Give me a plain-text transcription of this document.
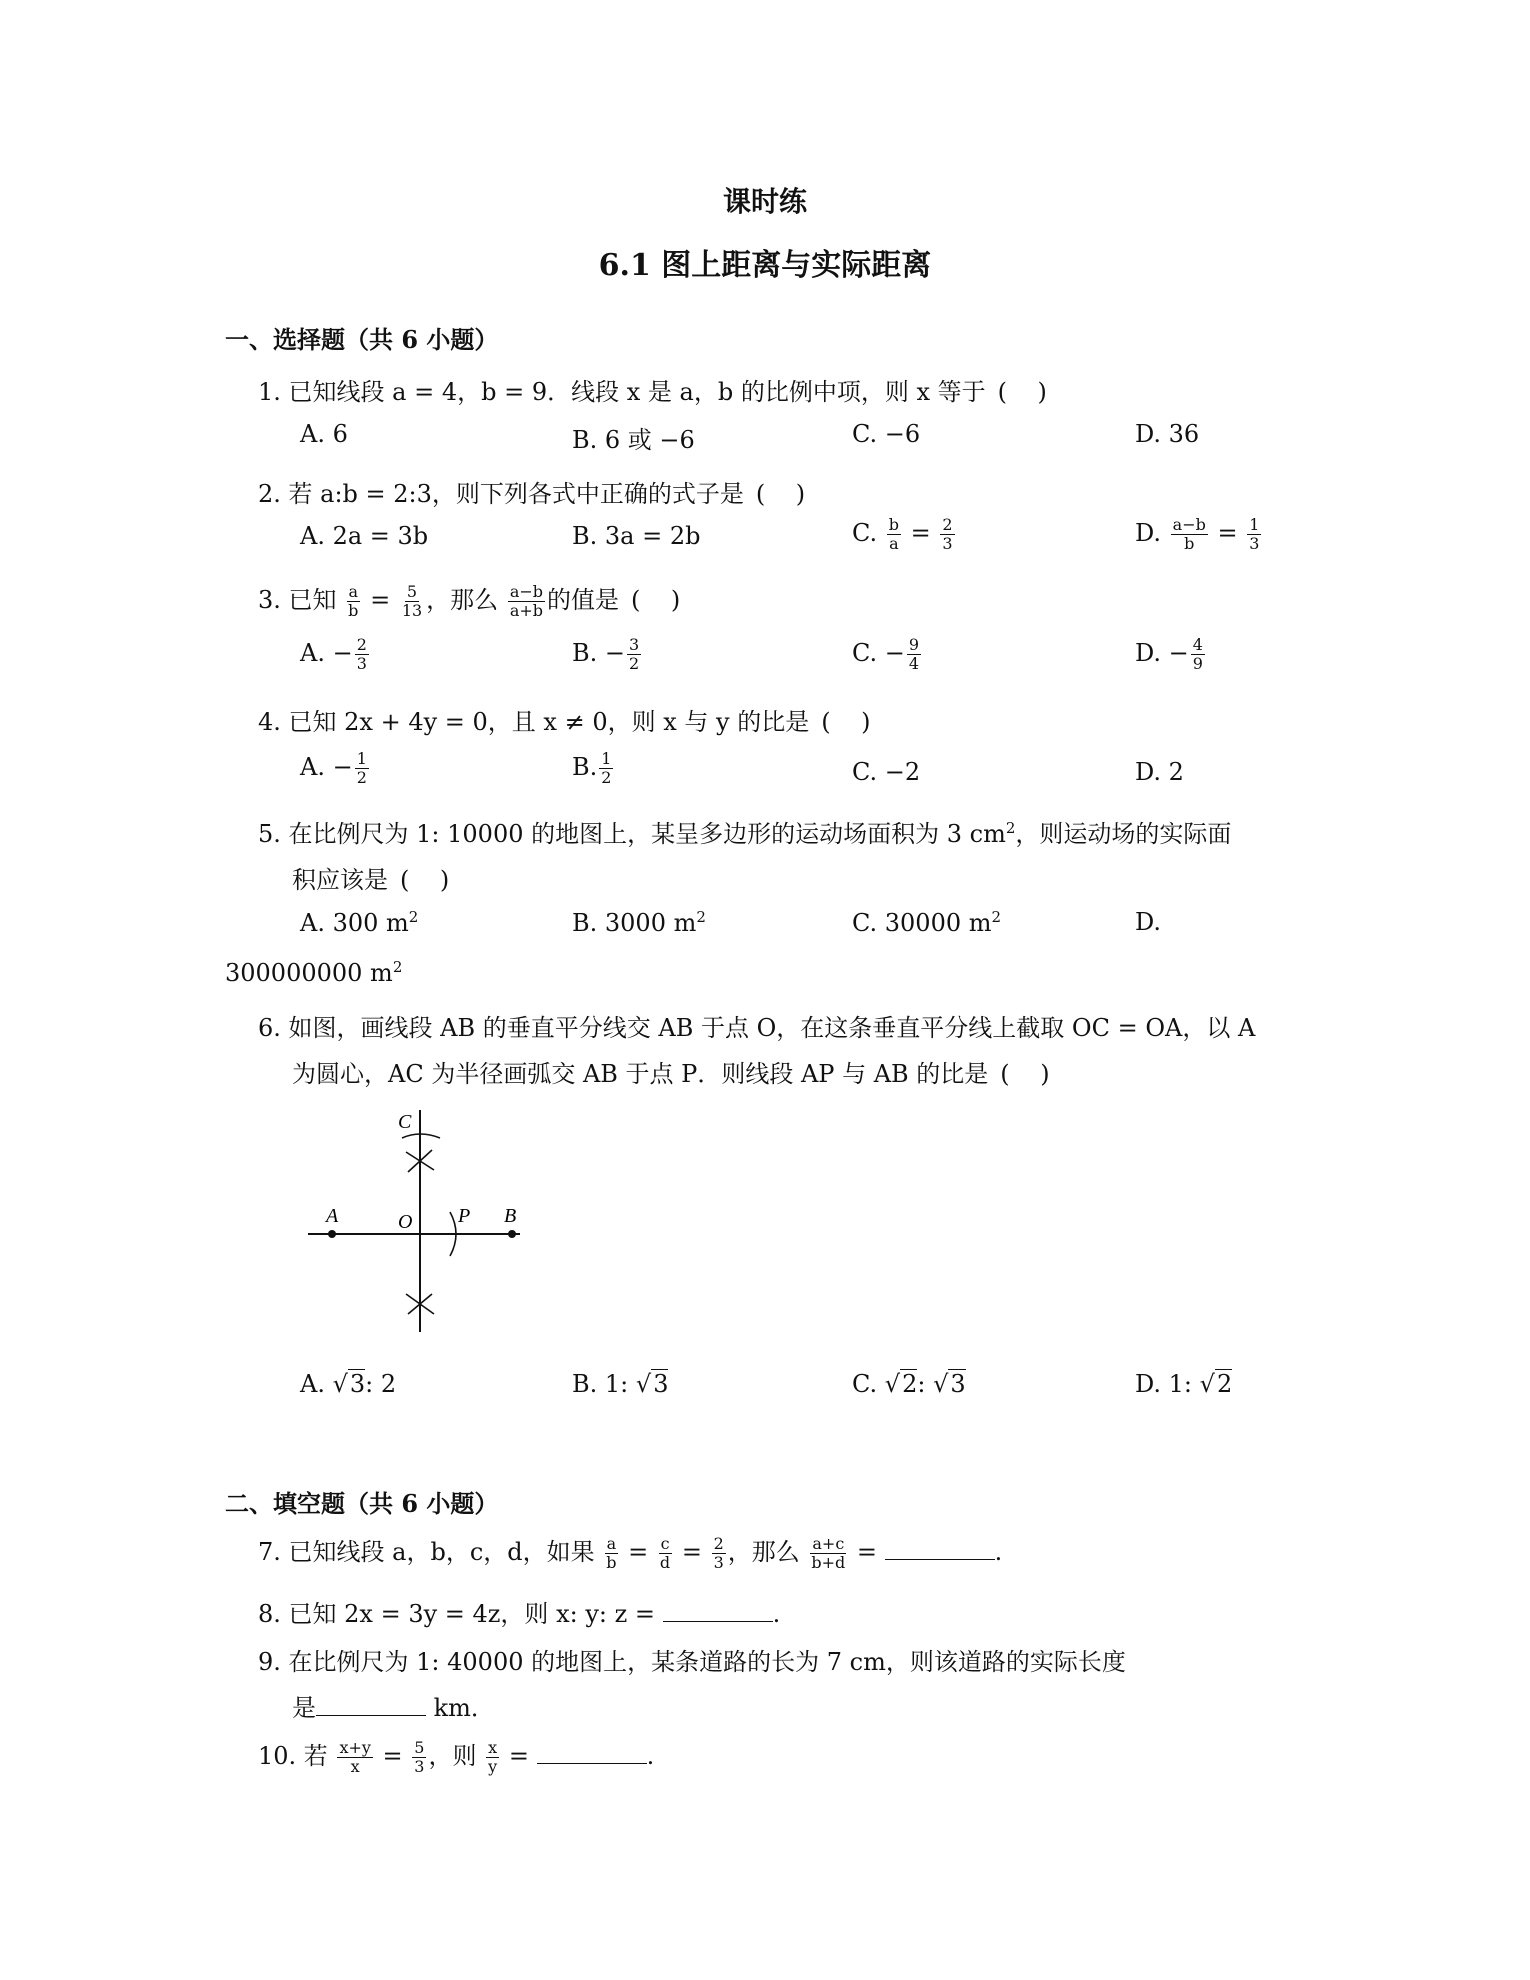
课时练
6.1 图上距离与实际距离
一、选择题（共 6 小题）
1. 已知线段 a = 4，b = 9．线段 x 是 a，b 的比例中项，则 x 等于 ( )
A. 6	B. 6 或 −6	C. −6	D. 36
2. 若 a:b = 2:3，则下列各式中正确的式子是 ( )
A. 2a = 3b	B. 3a = 2b	C. $\frac{b}{a} = \frac{2}{3}$	D. $\frac{a-b}{b} = \frac{1}{3}$
3. 已知 $\frac{a}{b} = \frac{5}{13}$ ，那么 $\frac{a-b}{a+b}$ 的值是 ( )
A. − $\frac{2}{3}$	B. − $\frac{3}{2}$	C. − $\frac{9}{4}$	D. − $\frac{4}{9}$
4. 已知 2x + 4y = 0，且 x ≠ 0，则 x 与 y 的比是 ( )
A. − $\frac{1}{2}$	B. $\frac{1}{2}$	C. −2	D. 2
5. 在比例尺为 1: 10000 的地图上，某呈多边形的运动场面积为 3 $cm^2$，则运动场的实际面
积应该是 ( )
A. 300 $m^2$	B. 3000 $m^2$	C. 30000 $m^2$	D.
300000000 $m^2$
6. 如图，画线段 AB 的垂直平分线交 AB 于点 O，在这条垂直平分线上截取 OC = OA，以 A
为圆心，AC 为半径画弧交 AB 于点 P．则线段 AP 与 AB 的比是 ( )
C
A	O P B
A. √3: 2	B. 1: √3	C. √2: √3	D. 1: √2
二、填空题（共 6 小题）
7. 已知线段 a，b，c，d，如果 $\frac{a}{b} = \frac{c}{d} = \frac{2}{3}$ ，那么 $\frac{a+c}{b+d}$ =	.
8. 已知 2x = 3y = 4z，则 x: y: z =	.
9. 在比例尺为 1: 40000 的地图上，某条道路的长为 7 cm，则该道路的实际长度
是	km．
10. 若 $\frac{x+y}{x} = \frac{5}{3}$ ，则 $\frac{x}{y}$ =	.
